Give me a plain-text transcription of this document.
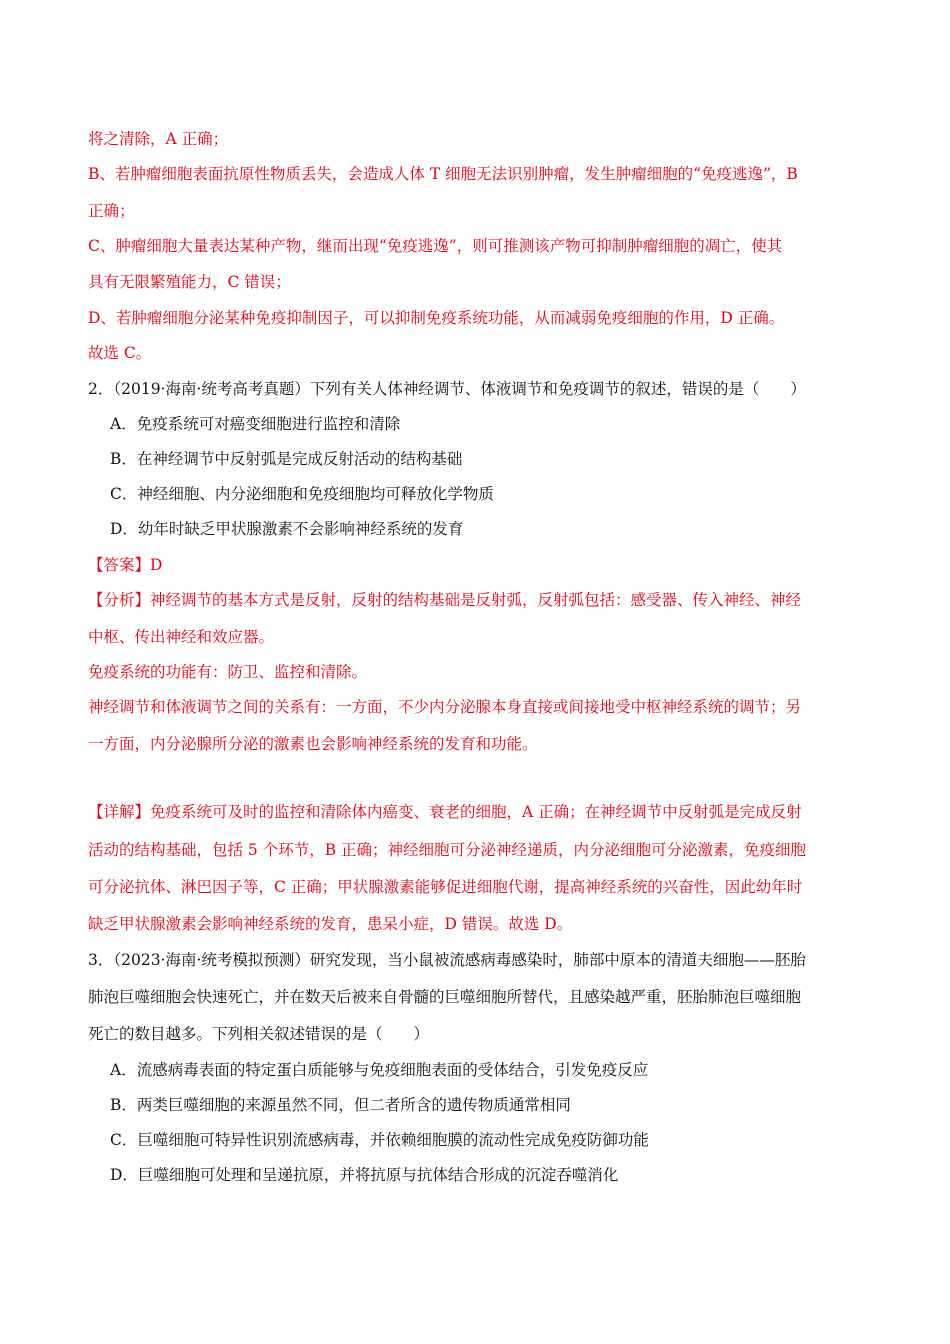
将之清除，A 正确；
B、若肿瘤细胞表面抗原性物质丢失，会造成人体 T 细胞无法识别肿瘤，发生肿瘤细胞的“免疫逃逸”，B
正确；
C、肿瘤细胞大量表达某种产物，继而出现“免疫逃逸”，则可推测该产物可抑制肿瘤细胞的凋亡，使其
具有无限繁殖能力，C 错误；
D、若肿瘤细胞分泌某种免疫抑制因子，可以抑制免疫系统功能，从而减弱免疫细胞的作用，D 正确。
故选 C。
2．（2019·海南·统考高考真题）下列有关人体神经调节、体液调节和免疫调节的叙述，错误的是（　　）
A．免疫系统可对癌变细胞进行监控和清除
B．在神经调节中反射弧是完成反射活动的结构基础
C．神经细胞、内分泌细胞和免疫细胞均可释放化学物质
D．幼年时缺乏甲状腺激素不会影响神经系统的发育
【答案】D
【分析】神经调节的基本方式是反射，反射的结构基础是反射弧，反射弧包括：感受器、传入神经、神经
中枢、传出神经和效应器。
免疫系统的功能有：防卫、监控和清除。
神经调节和体液调节之间的关系有：一方面，不少内分泌腺本身直接或间接地受中枢神经系统的调节；另
一方面，内分泌腺所分泌的激素也会影响神经系统的发育和功能。
【详解】免疫系统可及时的监控和清除体内癌变、衰老的细胞，A 正确；在神经调节中反射弧是完成反射
活动的结构基础，包括 5 个环节，B 正确；神经细胞可分泌神经递质，内分泌细胞可分泌激素，免疫细胞
可分泌抗体、淋巴因子等，C 正确；甲状腺激素能够促进细胞代谢，提高神经系统的兴奋性，因此幼年时
缺乏甲状腺激素会影响神经系统的发育，患呆小症，D 错误。故选 D。
3．（2023·海南·统考模拟预测）研究发现，当小鼠被流感病毒感染时，肺部中原本的清道夫细胞——胚胎
肺泡巨噬细胞会快速死亡，并在数天后被来自骨髓的巨噬细胞所替代，且感染越严重，胚胎肺泡巨噬细胞
死亡的数目越多。下列相关叙述错误的是（　　）
A．流感病毒表面的特定蛋白质能够与免疫细胞表面的受体结合，引发免疫反应
B．两类巨噬细胞的来源虽然不同，但二者所含的遗传物质通常相同
C．巨噬细胞可特异性识别流感病毒，并依赖细胞膜的流动性完成免疫防御功能
D．巨噬细胞可处理和呈递抗原，并将抗原与抗体结合形成的沉淀吞噬消化
